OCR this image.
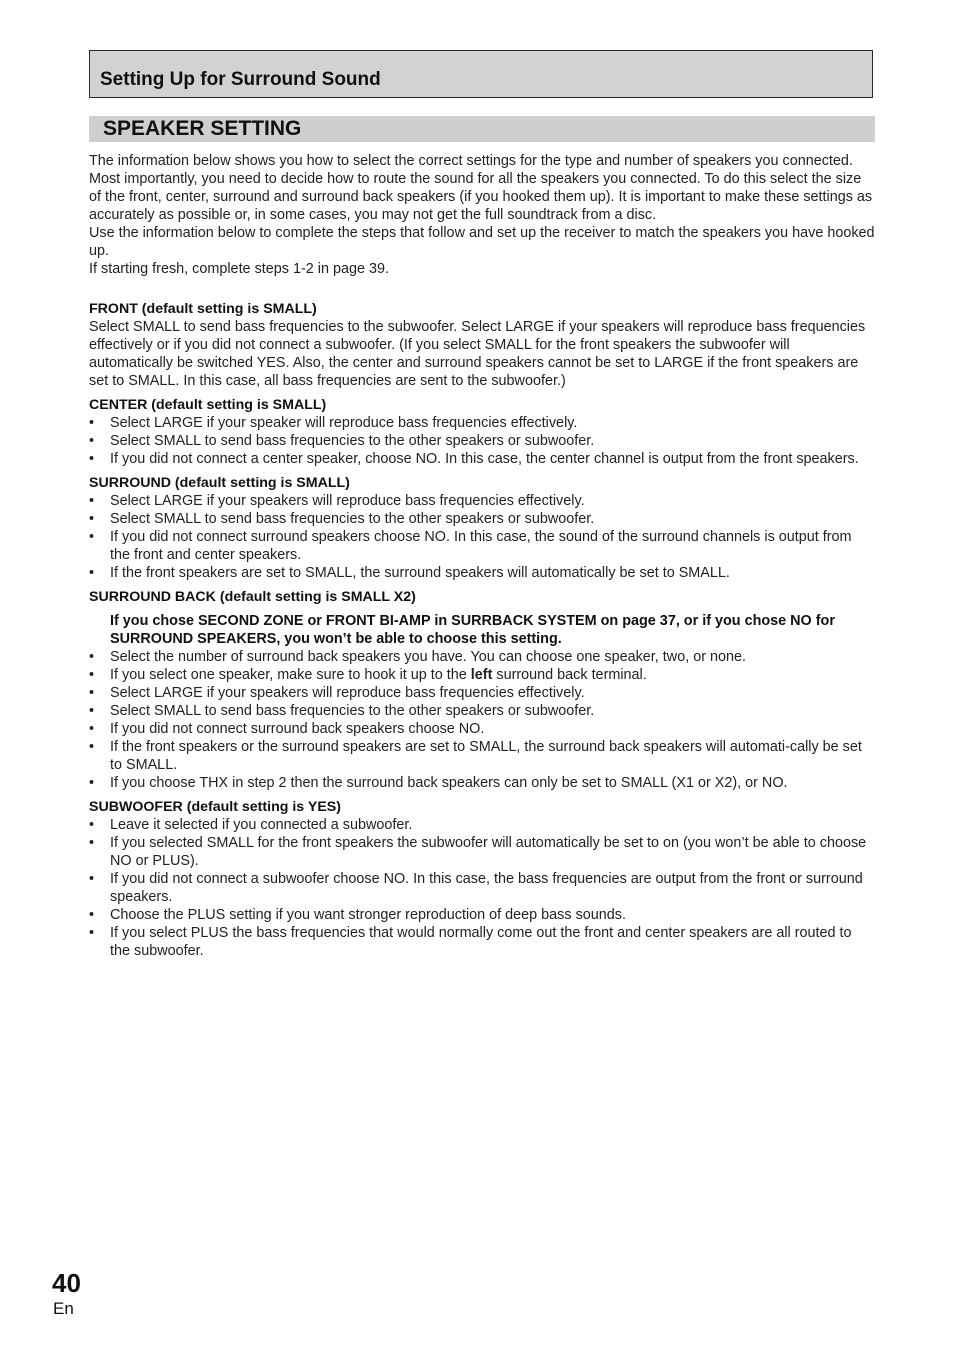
Setting Up for Surround Sound
SPEAKER SETTING

The information below shows you how to select the correct settings for the type and number of speakers you connected. Most importantly, you need to decide how to route the sound for all the speakers you connected. To do this select the size of the front, center, surround and surround back speakers (if you hooked them up). It is important to make these settings as accurately as possible or, in some cases, you may not get the full soundtrack from a disc.

Use the information below to complete the steps that follow and set up the receiver to match the speakers you have hooked up.

If starting fresh, complete steps 1-2 in page 39.

FRONT (default setting is SMALL)

Select SMALL to send bass frequencies to the subwoofer. Select LARGE if your speakers will reproduce bass frequencies effectively or if you did not connect a subwoofer. (If you select SMALL for the front speakers the subwoofer will automatically be switched YES. Also, the center and surround speakers cannot be set to LARGE if the front speakers are set to SMALL. In this case, all bass frequencies are sent to the subwoofer.)

CENTER (default setting is SMALL)
•	Select LARGE if your speaker will reproduce bass frequencies effectively.
•	Select SMALL to send bass frequencies to the other speakers or subwoofer.
•	If you did not connect a center speaker, choose NO. In this case, the center channel is output from the front speakers.
SURROUND (default setting is SMALL)
•	Select LARGE if your speakers will reproduce bass frequencies effectively.
•	Select SMALL to send bass frequencies to the other speakers or subwoofer.
•	If you did not connect surround speakers choose NO. In this case, the sound of the surround channels is output from the front and center speakers.
•	If the front speakers are set to SMALL, the surround speakers will automatically be set to SMALL.
SURROUND BACK (default setting is SMALL X2)

If you chose SECOND ZONE or FRONT BI-AMP in SURRBACK SYSTEM on page 37, or if you chose NO for SURROUND SPEAKERS, you won’t be able to choose this setting.

•	Select the number of surround back speakers you have. You can choose one speaker, two, or none.
•	If you select one speaker, make sure to hook it up to the left surround back terminal.
•	Select LARGE if your speakers will reproduce bass frequencies effectively.
•	Select SMALL to send bass frequencies to the other speakers or subwoofer.
•	If you did not connect surround back speakers choose NO.
•	If the front speakers or the surround speakers are set to SMALL, the surround back speakers will automati-cally be set to SMALL.
•	If you choose THX in step 2 then the surround back speakers can only be set to SMALL (X1 or X2), or NO.
SUBWOOFER (default setting is YES)
•	Leave it selected if you connected a subwoofer.
•	If you selected SMALL for the front speakers the subwoofer will automatically be set to on (you won’t be able to choose NO or PLUS).
•	If you did not connect a subwoofer choose NO. In this case, the bass frequencies are output from the front or surround speakers.
•	Choose the PLUS setting if you want stronger reproduction of deep bass sounds.
•	If you select PLUS the bass frequencies that would normally come out the front and center speakers are all routed to the subwoofer.
40
En
